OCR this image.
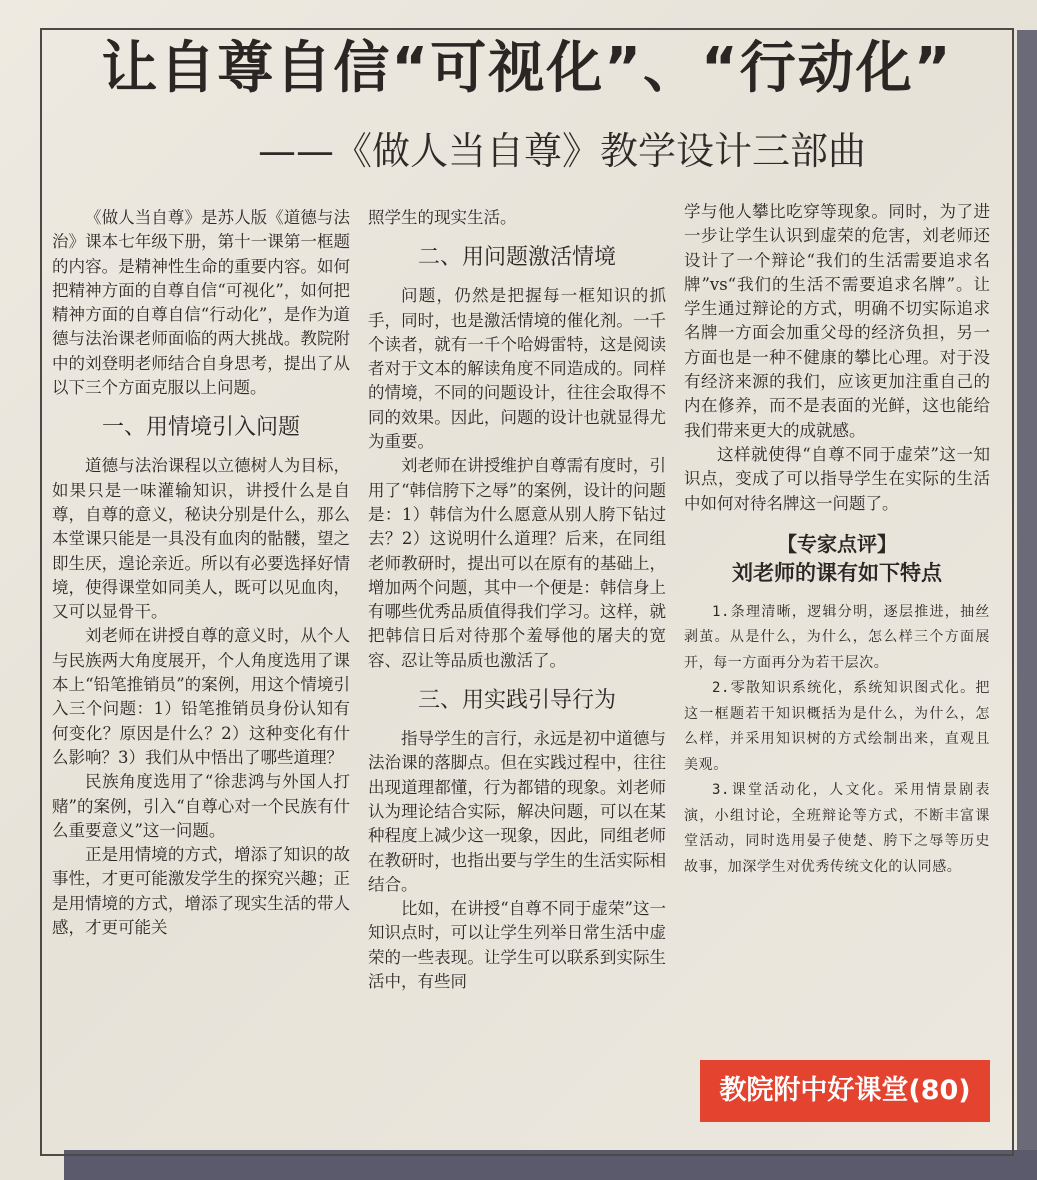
让自尊自信“可视化”、“行动化”
——《做人当自尊》教学设计三部曲

《做人当自尊》是苏人版《道德与法治》课本七年级下册，第十一课第一框题的内容。是精神性生命的重要内容。如何把精神方面的自尊自信“可视化”，如何把精神方面的自尊自信“行动化”，是作为道德与法治课老师面临的两大挑战。教院附中的刘登明老师结合自身思考，提出了从以下三个方面克服以上问题。

一、用情境引入问题

道德与法治课程以立德树人为目标，如果只是一味灌输知识，讲授什么是自尊，自尊的意义，秘诀分别是什么，那么本堂课只能是一具没有血肉的骷髅，望之即生厌，遑论亲近。所以有必要选择好情境，使得课堂如同美人，既可以见血肉，又可以显骨干。

刘老师在讲授自尊的意义时，从个人与民族两大角度展开，个人角度选用了课本上“铅笔推销员”的案例，用这个情境引入三个问题：1）铅笔推销员身份认知有何变化？原因是什么？2）这种变化有什么影响？3）我们从中悟出了哪些道理？

民族角度选用了“徐悲鸿与外国人打赌”的案例，引入“自尊心对一个民族有什么重要意义”这一问题。

正是用情境的方式，增添了知识的故事性，才更可能激发学生的探究兴趣；正是用情境的方式，增添了现实生活的带人感，才更可能关

照学生的现实生活。

二、用问题激活情境

问题，仍然是把握每一框知识的抓手，同时，也是激活情境的催化剂。一千个读者，就有一千个哈姆雷特，这是阅读者对于文本的解读角度不同造成的。同样的情境，不同的问题设计，往往会取得不同的效果。因此，问题的设计也就显得尤为重要。

刘老师在讲授维护自尊需有度时，引用了“韩信胯下之辱”的案例，设计的问题是：1）韩信为什么愿意从别人胯下钻过去？2）这说明什么道理？后来，在同组老师教研时，提出可以在原有的基础上，增加两个问题，其中一个便是：韩信身上有哪些优秀品质值得我们学习。这样，就把韩信日后对待那个羞辱他的屠夫的宽容、忍让等品质也激活了。

三、用实践引导行为

指导学生的言行，永远是初中道德与法治课的落脚点。但在实践过程中，往往出现道理都懂，行为都错的现象。刘老师认为理论结合实际，解决问题，可以在某种程度上减少这一现象，因此，同组老师在教研时，也指出要与学生的生活实际相结合。

比如，在讲授“自尊不同于虚荣”这一知识点时，可以让学生列举日常生活中虚荣的一些表现。让学生可以联系到实际生活中，有些同

学与他人攀比吃穿等现象。同时，为了进一步让学生认识到虚荣的危害，刘老师还设计了一个辩论“我们的生活需要追求名牌”vs“我们的生活不需要追求名牌”。让学生通过辩论的方式，明确不切实际追求名牌一方面会加重父母的经济负担，另一方面也是一种不健康的攀比心理。对于没有经济来源的我们，应该更加注重自己的内在修养，而不是表面的光鲜，这也能给我们带来更大的成就感。

这样就使得“自尊不同于虚荣”这一知识点，变成了可以指导学生在实际的生活中如何对待名牌这一问题了。

【专家点评】
刘老师的课有如下特点

1.条理清晰，逻辑分明，逐层推进，抽丝剥茧。从是什么，为什么，怎么样三个方面展开，每一方面再分为若干层次。

2.零散知识系统化，系统知识图式化。把这一框题若干知识概括为是什么，为什么，怎么样，并采用知识树的方式绘制出来，直观且美观。

3.课堂活动化，人文化。采用情景剧表演，小组讨论，全班辩论等方式，不断丰富课堂活动，同时选用晏子使楚、胯下之辱等历史故事，加深学生对优秀传统文化的认同感。

教院附中好课堂(80)
